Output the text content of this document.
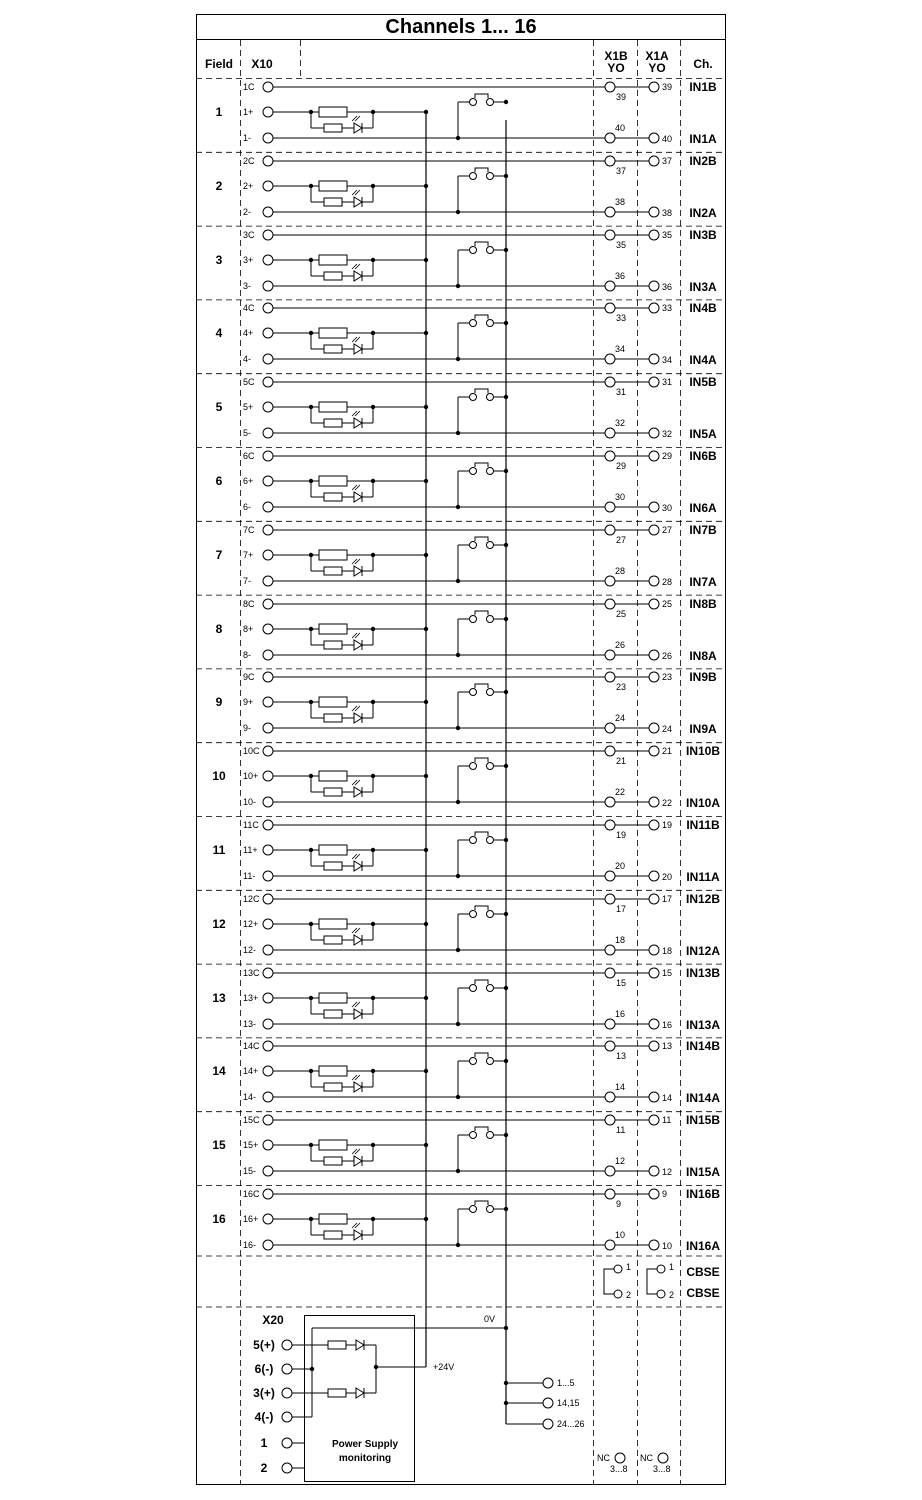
Channels 1... 16
Field X10
X1B
YO
X1A
YO Ch.
1
1C
1+
1-
39
39
40
40
IN1B
IN1A
2
2C
2+
2-
37
37
38
38
IN2B
IN2A
3
3C
3+
3-
35
35
36
36
IN3B
IN3A
4
4C
4+
4-
33
33
34
34
IN4B
IN4A
5
5C
5+
5-
31
31
32
32
IN5B
IN5A
6
6C
6+
6-
29
29
30
30
IN6B
IN6A
7
7C
7+
7-
27
27
28
28
IN7B
IN7A
8
8C
8+
8-
25
25
26
26
IN8B
IN8A
9
9C
9+
9-
23
23
24
24
IN9B
IN9A
10
10C
10+
10-
21
21
22
22
IN10B
IN10A
11
11C
11+
11-
19
19
20
20
IN11B
IN11A
12
12C
12+
12-
17
17
18
18
IN12B
IN12A
13
13C
13+
13-
15
15
16
16
IN13B
IN13A
14
14C
14+
14-
13
13
14
14
IN14B
IN14A
15
15C
15+
15-
11
11
12
12
IN15B
IN15A
16
16C
16+
16-
9
9
10
10
IN16B
IN16A
1
2
1
2
CBSE
CBSE
X20
Power Supply
monitoring
5(+)
6(-)
3(+)
4(-)
1
2
+24V
0V
1...5
14,15
24...26
NC
3...8
NC
3...8
